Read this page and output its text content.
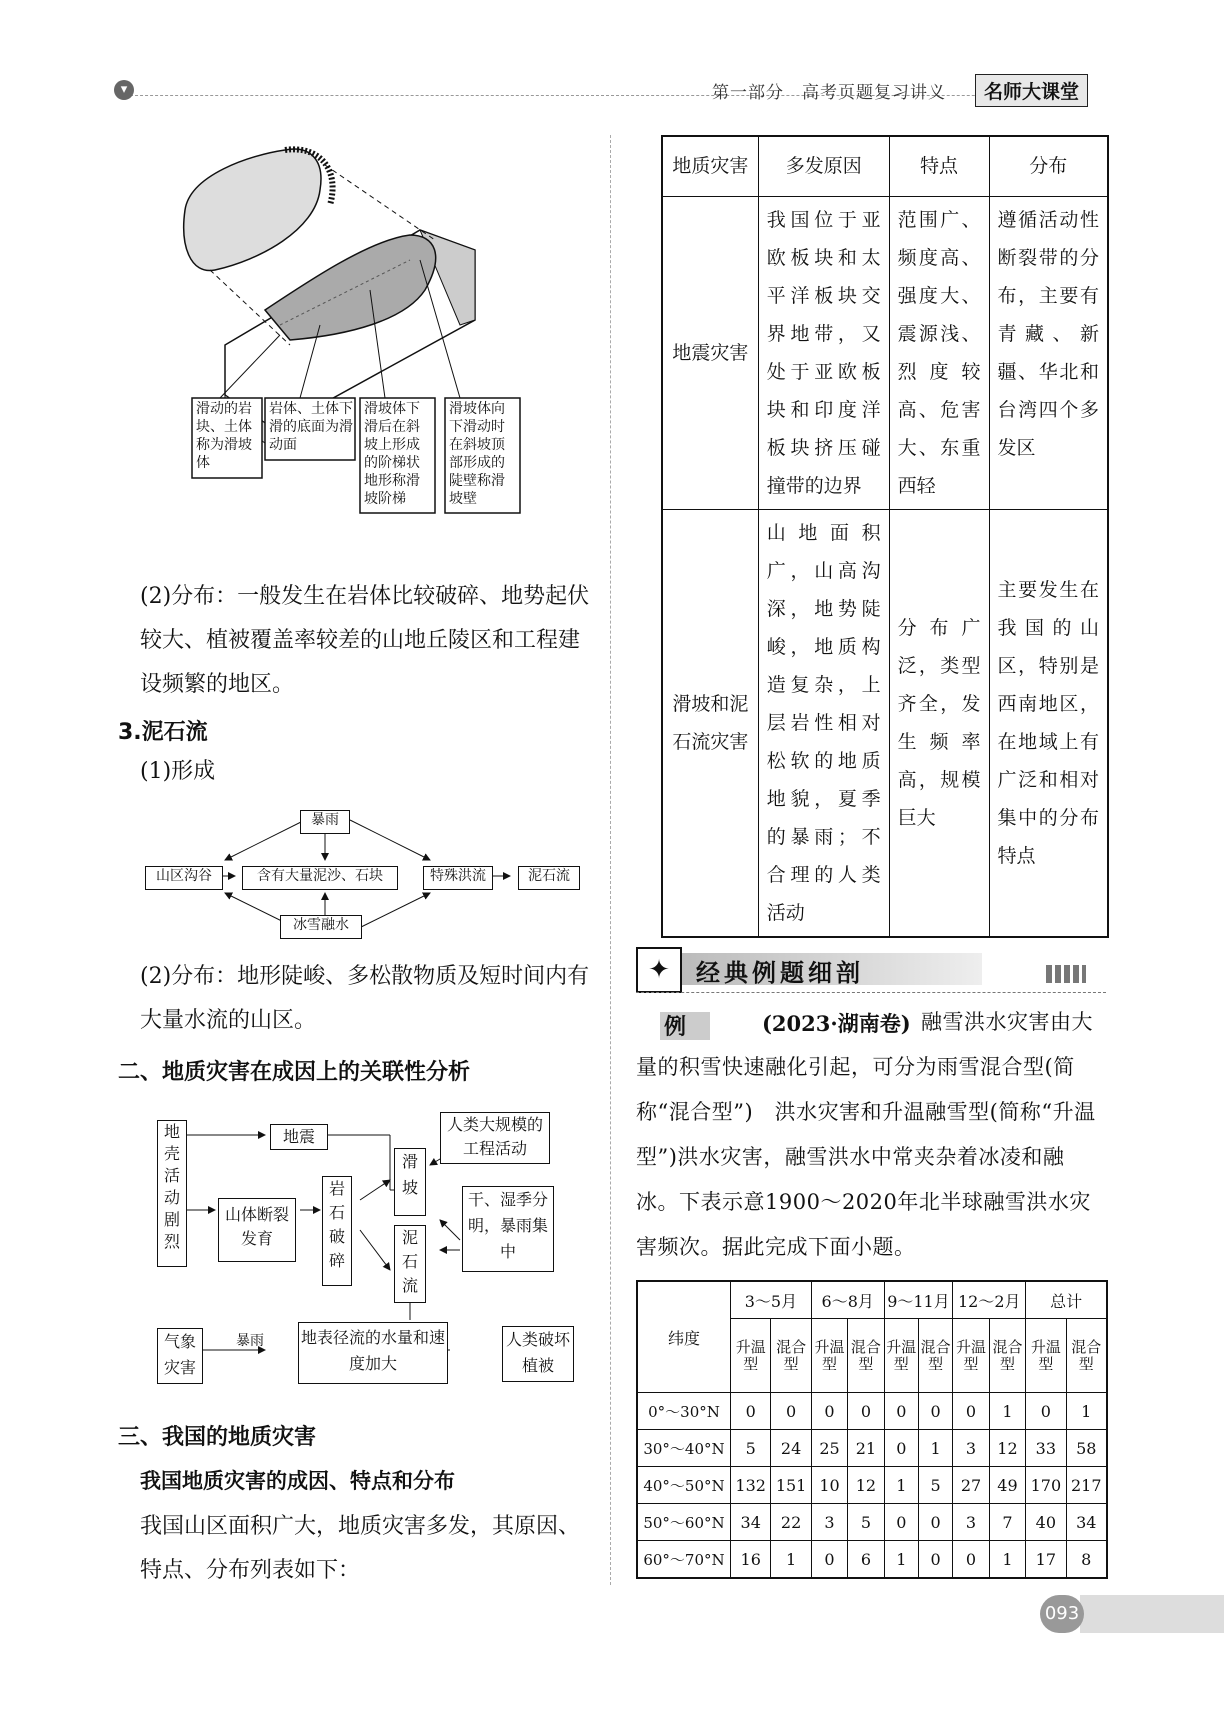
▾	第一部分　高考页题复习讲义	名师大课堂
滑动的岩块、土体称为滑坡体
岩体、土体下滑的底面为滑动面
滑坡体下滑后在斜坡上形成的阶梯状地形称滑坡阶梯
滑坡体向下滑动时在斜坡顶部形成的陡壁称滑坡壁
(2)分布：一般发生在岩体比较破碎、地势起伏较大、植被覆盖率较差的山地丘陵区和工程建设频繁的地区。
3.泥石流
(1)形成
暴雨
山区沟谷	含有大量泥沙、石块	特殊洪流	泥石流
冰雪融水
(2)分布：地形陡峻、多松散物质及短时间内有大量水流的山区。
二、地质灾害在成因上的关联性分析
地壳活动剧烈
地震
山体断裂发育
岩石破碎
滑坡
泥石流
人类大规模的工程活动
干、湿季分明，暴雨集中
气象灾害
暴雨 地表径流的水量和速度加大
人类破坏植被
三、我国的地质灾害
我国地质灾害的成因、特点和分布
我国山区面积广大，地质灾害多发，其原因、特点、分布列表如下：
地质灾害	多发原因	特点	分布
地震灾害	我国位于亚欧板块和太平洋板块交界地带，又处于亚欧板块和印度洋板块挤压碰撞带的边界	范围广、频度高、强度大、震源浅、烈度较高、危害大、东重西轻	遵循活动性断裂带的分布，主要有青藏、新疆、华北和台湾四个多发区
滑坡和泥石流灾害	山地面积广，山高沟深，地势陡峻，地质构造复杂，上层岩性相对松软的地质地貌，夏季的暴雨；不合理的人类活动	分布广泛，类型齐全，发生频率高，规模巨大	主要发生在我国的山区，特别是西南地区，在地域上有广泛和相对集中的分布特点
✦	经典例题细剖
例	(2023·湖南卷) 融雪洪水灾害由大量的积雪快速融化引起，可分为雨雪混合型(简称“混合型”)　洪水灾害和升温融雪型(简称“升温型”)洪水灾害，融雪洪水中常夹杂着冰凌和融冰。下表示意1900～2020年北半球融雪洪水灾害频次。据此完成下面小题。
纬度	3～5月		6～8月		9～11月		12～2月		总计	
	升温型	混合型	升温型	混合型	升温型	混合型	升温型	混合型	升温型	混合型
0°～30°N	0	0	0	0	0	0	0	1	0	1
30°～40°N	5	24	25	21	0	1	3	12	33	58
40°～50°N	132	151	10	12	1	5	27	49	170	217
50°～60°N	34	22	3	5	0	0	3	7	40	34
60°～70°N	16	1	0	6	1	0	0	1	17	8
093
